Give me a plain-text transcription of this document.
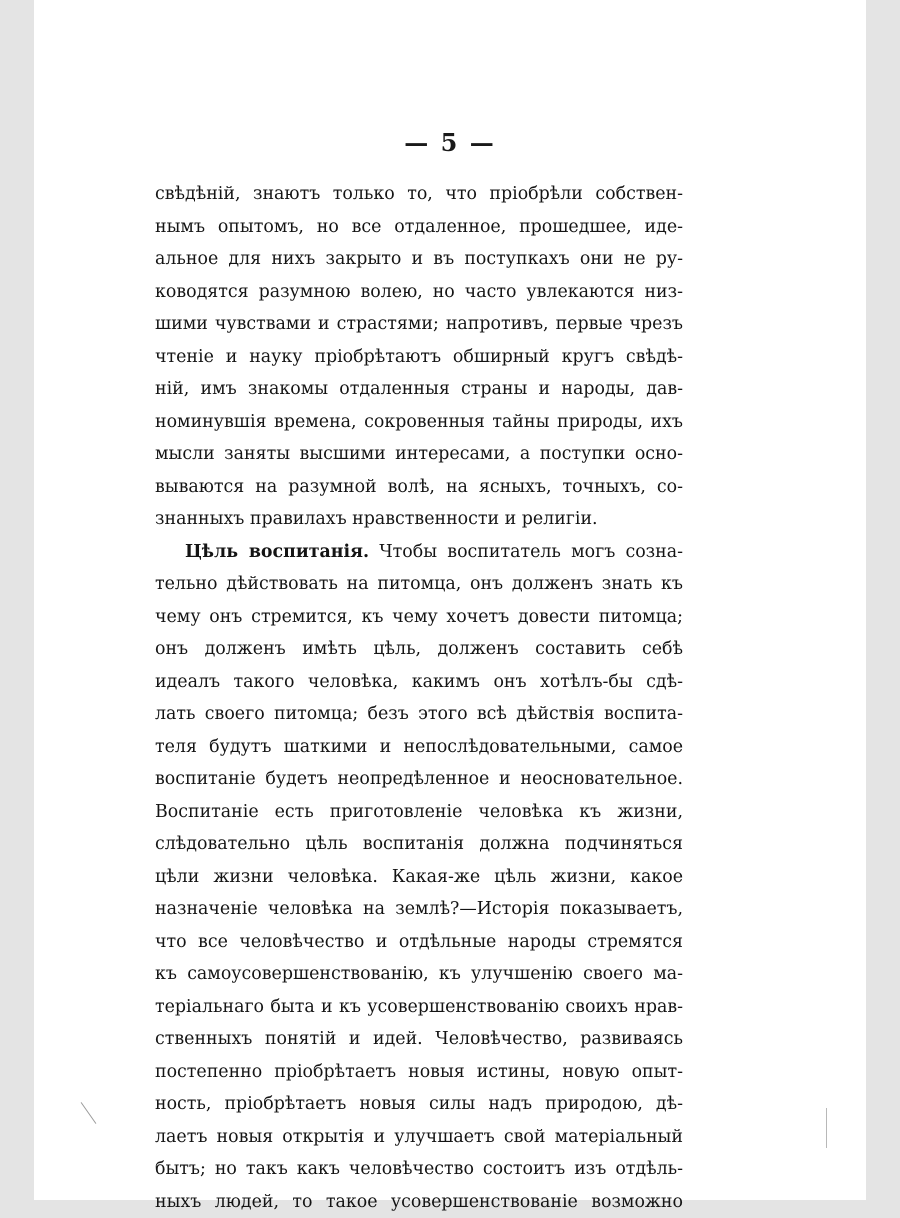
— 5 —
свѣдѣній, знаютъ только то, что пріобрѣли собствен-
нымъ опытомъ, но все отдаленное, прошедшее, иде-
альное для нихъ закрыто и въ поступкахъ они не ру-
ководятся разумною волею, но часто увлекаются низ-
шими чувствами и страстями; напротивъ, первые чрезъ
чтеніе и науку пріобрѣтаютъ обширный кругъ свѣдѣ-
ній, имъ знакомы отдаленныя страны и народы, дав-
номинувшія времена, сокровенныя тайны природы, ихъ
мысли заняты высшими интересами, а поступки осно-
вываются на разумной волѣ, на ясныхъ, точныхъ, со-
знанныхъ правилахъ нравственности и религіи.
Цѣль воспитанія. Чтобы воспитатель могъ созна-
тельно дѣйствовать на питомца, онъ долженъ знать къ
чему онъ стремится, къ чему хочетъ довести питомца;
онъ долженъ имѣть цѣль, долженъ составить себѣ
идеалъ такого человѣка, какимъ онъ хотѣлъ-бы сдѣ-
лать своего питомца; безъ этого всѣ дѣйствія воспита-
теля будутъ шаткими и непослѣдовательными, самое
воспитаніе будетъ неопредѣленное и неосновательное.
Воспитаніе есть приготовленіе человѣка къ жизни,
слѣдовательно цѣль воспитанія должна подчиняться
цѣли жизни человѣка. Какая-же цѣль жизни, какое
назначеніе человѣка на землѣ?—Исторія показываетъ,
что все человѣчество и отдѣльные народы стремятся
къ самоусовершенствованію, къ улучшенію своего ма-
теріальнаго быта и къ усовершенствованію своихъ нрав-
ственныхъ понятій и идей. Человѣчество, развиваясь
постепенно пріобрѣтаетъ новыя истины, новую опыт-
ность, пріобрѣтаетъ новыя силы надъ природою, дѣ-
лаетъ новыя открытія и улучшаетъ свой матеріальный
бытъ; но такъ какъ человѣчество состоитъ изъ отдѣль-
ныхъ людей, то такое усовершенствованіе возможно
